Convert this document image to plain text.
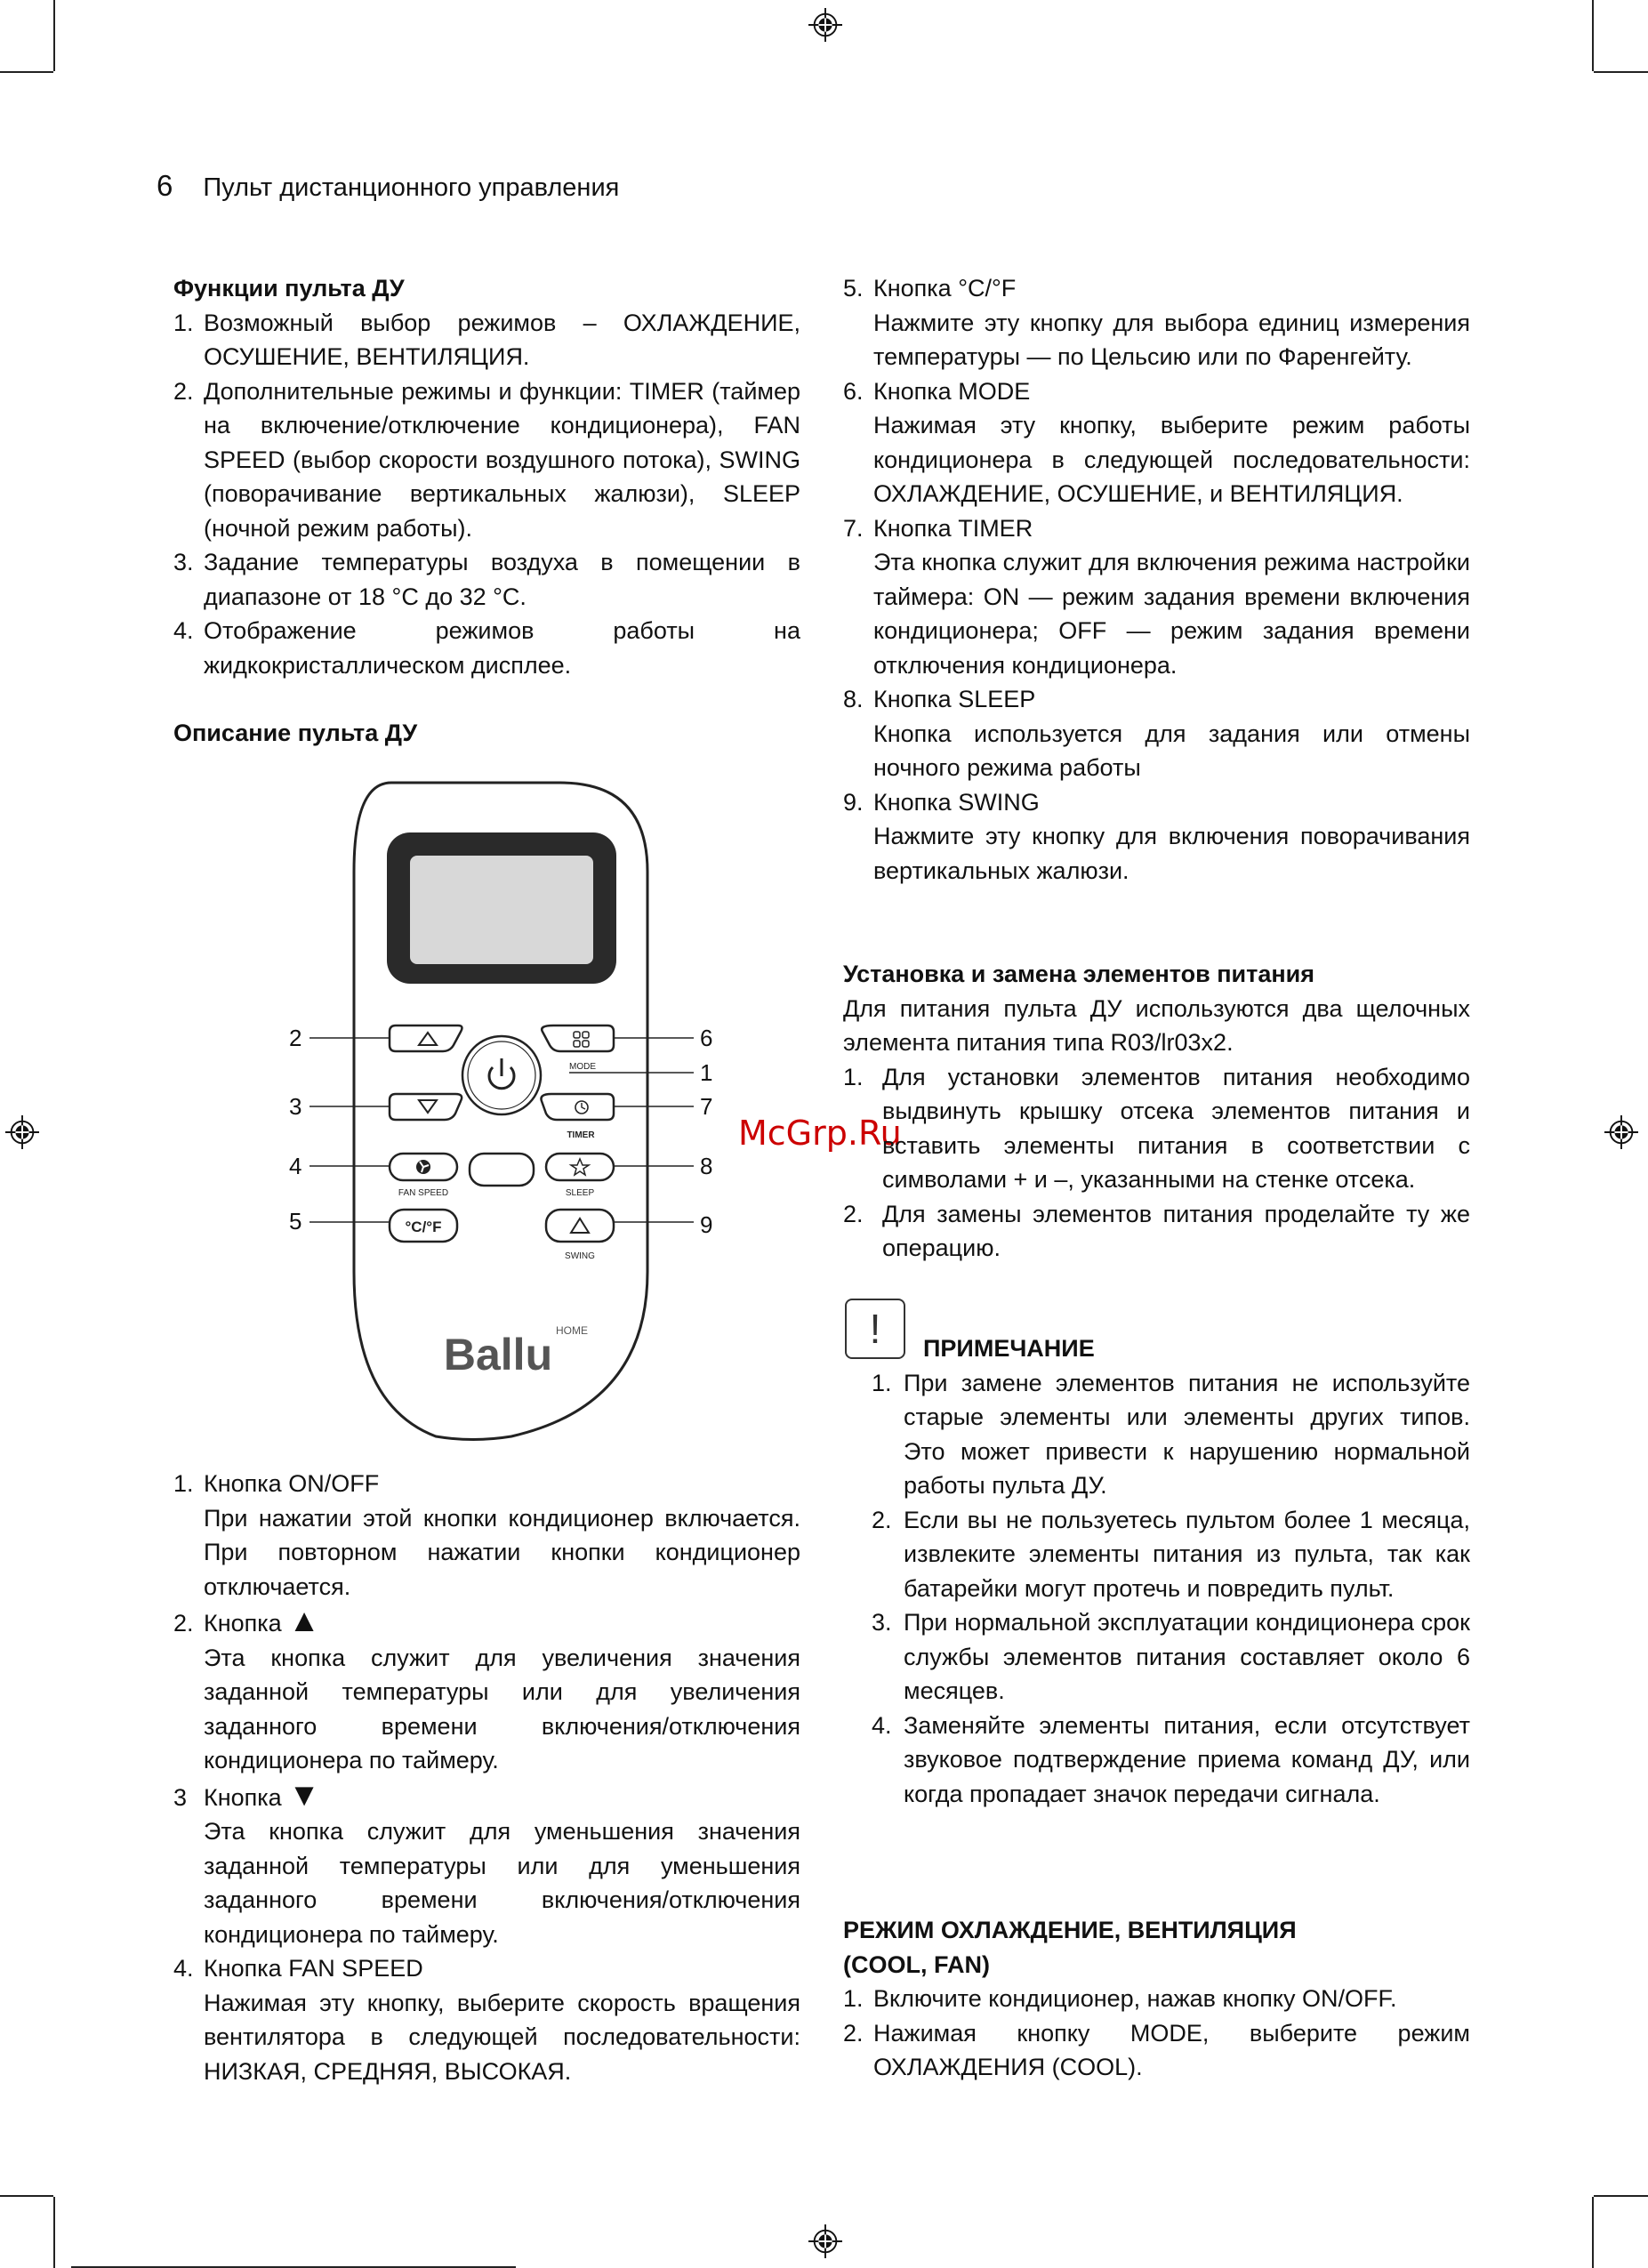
6 Пульт дистанционного управления
McGrp.Ru
Функции пульта ДУ
1. Возможный выбор режимов – ОХЛАЖДЕНИЕ, ОСУШЕНИЕ, ВЕНТИЛЯЦИЯ.
2. Дополнительные режимы и функции: TIMER (таймер на включение/отключение кондиционера), FAN SPEED (выбор скорости воздушного потока), SWING (поворачивание вертикальных жалюзи), SLEEP (ночной режим работы).
3. Задание температуры воздуха в помещении в диапазоне от 18 °C до 32 °C.
4. Отображение режимов работы на жидкокристаллическом дисплее.
Описание пульта ДУ
MODE
TIMER
FAN SPEED	SLEEP
°C/°F
SWING
Ballu HOME
2
3
4
5
6
1
7
8
9
1. Кнопка ON/OFF
При нажатии этой кнопки кондиционер включается. При повторном нажатии кнопки кондиционер отключается.
2. Кнопка ▲
Эта кнопка служит для увеличения значения заданной температуры или для увеличения заданного времени включения/отключения кондиционера по таймеру.
3 Кнопка ▼
Эта кнопка служит для уменьшения значения заданной температуры или для уменьшения заданного времени включения/отключения кондиционера по таймеру.
4. Кнопка FAN SPEED
Нажимая эту кнопку, выберите скорость вращения вентилятора в следующей последовательности: НИЗКАЯ, СРЕДНЯЯ, ВЫСОКАЯ.
5. Кнопка °C/°F
Нажмите эту кнопку для выбора единиц измерения температуры — по Цельсию или по Фаренгейту.
6. Кнопка MODE
Нажимая эту кнопку, выберите режим работы кондиционера в следующей последовательности: ОХЛАЖДЕНИЕ, ОСУШЕНИЕ, и ВЕНТИЛЯЦИЯ.
7. Кнопка TIMER
Эта кнопка служит для включения режима настройки таймера: ON — режим задания времени включения кондиционера; OFF — режим задания времени отключения кондиционера.
8. Кнопка SLEEP
Кнопка используется для задания или отмены ночного режима работы
9. Кнопка SWING
Нажмите эту кнопку для включения поворачивания вертикальных жалюзи.
Установка и замена элементов питания
Для питания пульта ДУ используются два щелочных элемента питания типа R03/lr03x2.
1. Для установки элементов питания необходимо выдвинуть крышку отсека элементов питания и вставить элементы питания в соответствии с символами + и –, указанными на стенке отсека.
2. Для замены элементов питания проделайте ту же операцию.
!	ПРИМЕЧАНИЕ
1. При замене элементов питания не используйте старые элементы или элементы других типов. Это может привести к нарушению нормальной работы пульта ДУ.
2. Если вы не пользуетесь пультом более 1 месяца, извлеките элементы питания из пульта, так как батарейки могут протечь и повредить пульт.
3. При нормальной эксплуатации кондиционера срок службы элементов питания составляет около 6 месяцев.
4. Заменяйте элементы питания, если отсутствует звуковое подтверждение приема команд ДУ, или когда пропадает значок передачи сигнала.
РЕЖИМ ОХЛАЖДЕНИЕ, ВЕНТИЛЯЦИЯ
(COOL, FAN)
1. Включите кондиционер, нажав кнопку ON/OFF.
2. Нажимая кнопку MODE, выберите режим ОХЛАЖДЕНИЯ (COOL).
